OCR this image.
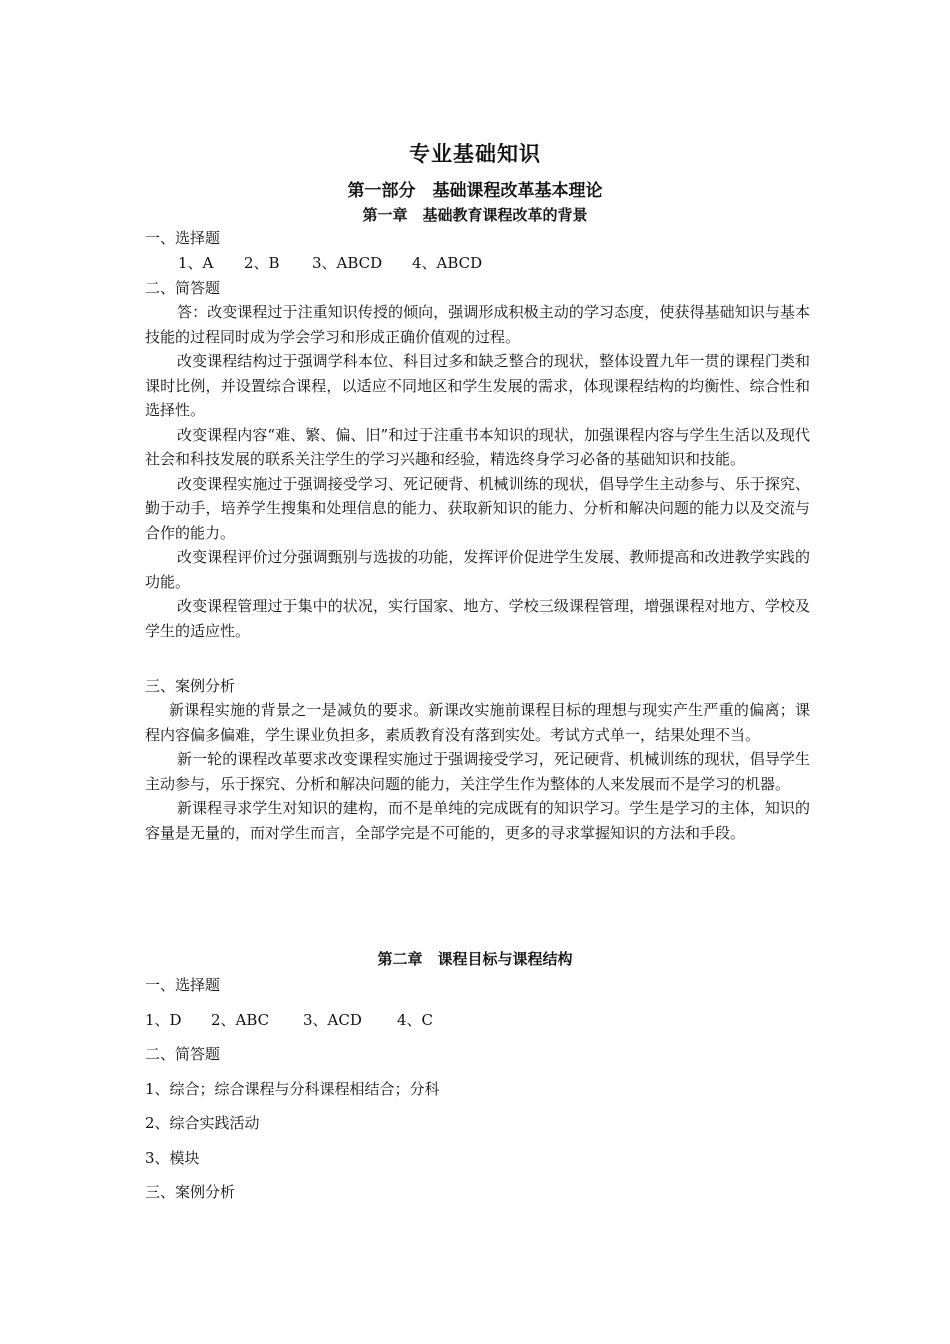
专业基础知识
第一部分　基础课程改革基本理论
第一章　基础教育课程改革的背景
一、选择题
1、A 2、B 3、ABCD 4、ABCD
二、简答题

答：改变课程过于注重知识传授的倾向，强调形成积极主动的学习态度，使获得基础知识与基本技能的过程同时成为学会学习和形成正确价值观的过程。

改变课程结构过于强调学科本位、科目过多和缺乏整合的现状，整体设置九年一贯的课程门类和课时比例，并设置综合课程，以适应不同地区和学生发展的需求，体现课程结构的均衡性、综合性和选择性。

改变课程内容“难、繁、偏、旧”和过于注重书本知识的现状，加强课程内容与学生生活以及现代社会和科技发展的联系关注学生的学习兴趣和经验，精选终身学习必备的基础知识和技能。

改变课程实施过于强调接受学习、死记硬背、机械训练的现状，倡导学生主动参与、乐于探究、勤于动手，培养学生搜集和处理信息的能力、获取新知识的能力、分析和解决问题的能力以及交流与合作的能力。

改变课程评价过分强调甄别与选拔的功能，发挥评价促进学生发展、教师提高和改进教学实践的功能。

改变课程管理过于集中的状况，实行国家、地方、学校三级课程管理，增强课程对地方、学校及学生的适应性。

三、案例分析

新课程实施的背景之一是减负的要求。新课改实施前课程目标的理想与现实产生严重的偏离；课程内容偏多偏难，学生课业负担多，素质教育没有落到实处。考试方式单一，结果处理不当。

新一轮的课程改革要求改变课程实施过于强调接受学习，死记硬背、机械训练的现状，倡导学生主动参与，乐于探究、分析和解决问题的能力，关注学生作为整体的人来发展而不是学习的机器。

新课程寻求学生对知识的建构，而不是单纯的完成既有的知识学习。学生是学习的主体，知识的容量是无量的，而对学生而言，全部学完是不可能的，更多的寻求掌握知识的方法和手段。

第二章　课程目标与课程结构
一、选择题
1、D 2、ABC 3、ACD 4、C
二、简答题
1、综合；综合课程与分科课程相结合；分科
2、综合实践活动
3、模块
三、案例分析
